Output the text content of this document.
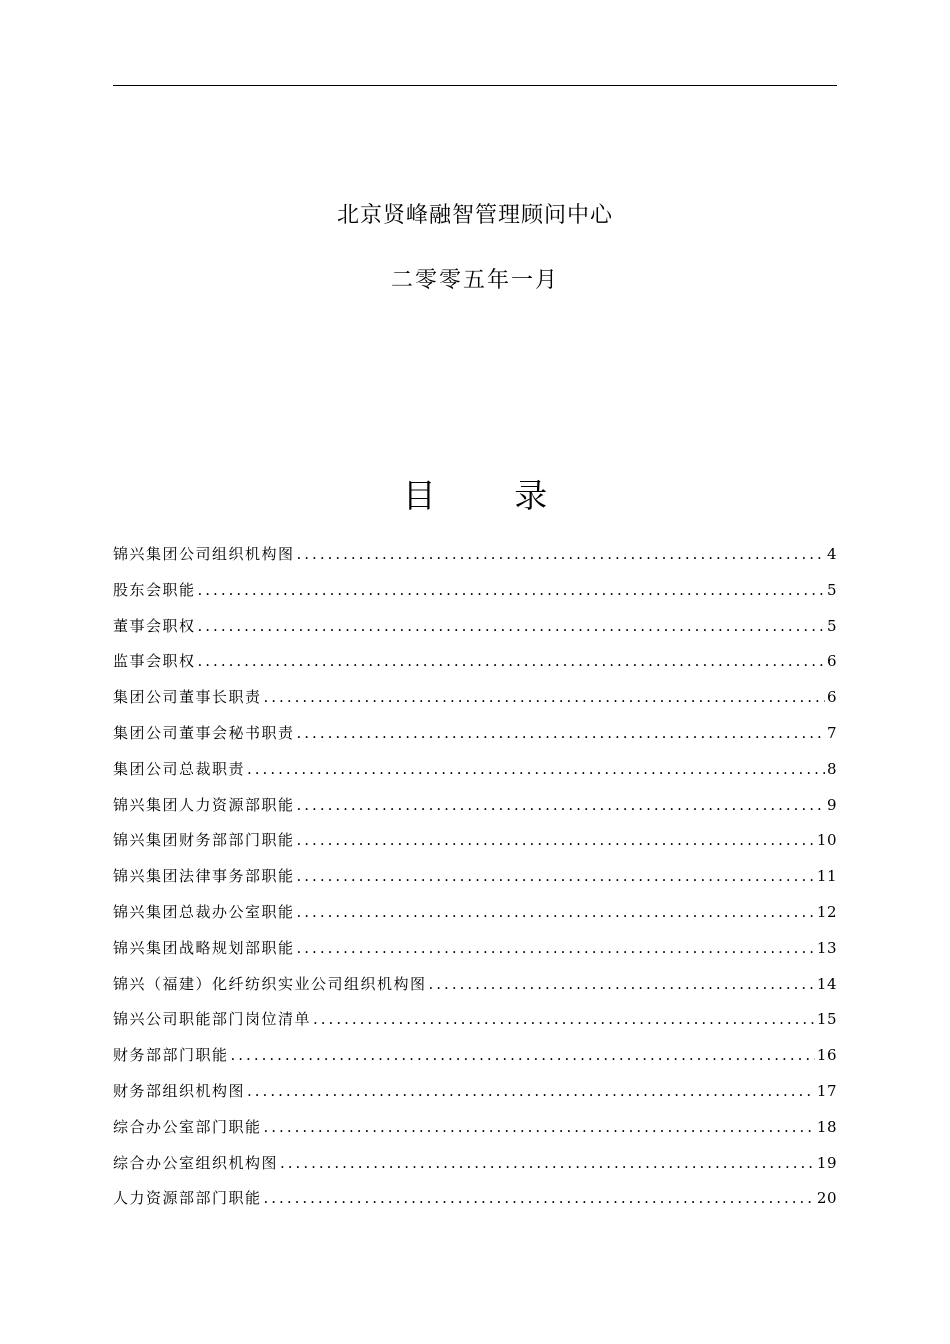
北京贤峰融智管理顾问中心
二零零五年一月
目 录
锦兴集团公司组织机构图 .....	4
股东会职能 .....	5
董事会职权 .....	5
监事会职权 .....	6
集团公司董事长职责 .....	6
集团公司董事会秘书职责 .....	7
集团公司总裁职责 .....	8
锦兴集团人力资源部职能 .....	9
锦兴集团财务部部门职能 .....	10
锦兴集团法律事务部职能 .....	11
锦兴集团总裁办公室职能 .....	12
锦兴集团战略规划部职能 .....	13
锦兴（福建）化纤纺织实业公司组织机构图 .....	14
锦兴公司职能部门岗位清单 .....	15
财务部部门职能 .....	16
财务部组织机构图 .....	17
综合办公室部门职能 .....	18
综合办公室组织机构图 .....	19
人力资源部部门职能 .....	20
